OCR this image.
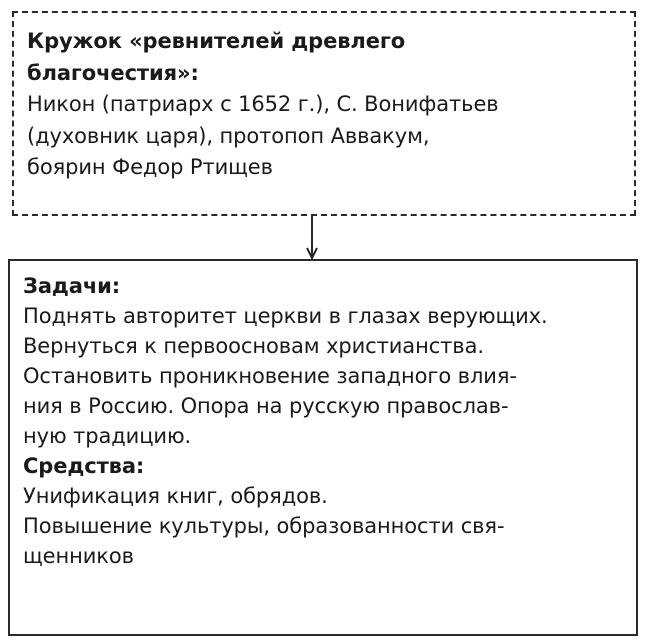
Кружок «ревнителей древлего
благочестия»:
Никон (патриарх с 1652 г.), С. Вонифатьев
(духовник царя), протопоп Аввакум,
боярин Федор Ртищев
Задачи:
Поднять авторитет церкви в глазах верующих.
Вернуться к первоосновам христианства.
Остановить проникновение западного влия-
ния в Россию. Опора на русскую православ-
ную традицию.
Средства:
Унификация книг, обрядов.
Повышение культуры, образованности свя-
щенников
